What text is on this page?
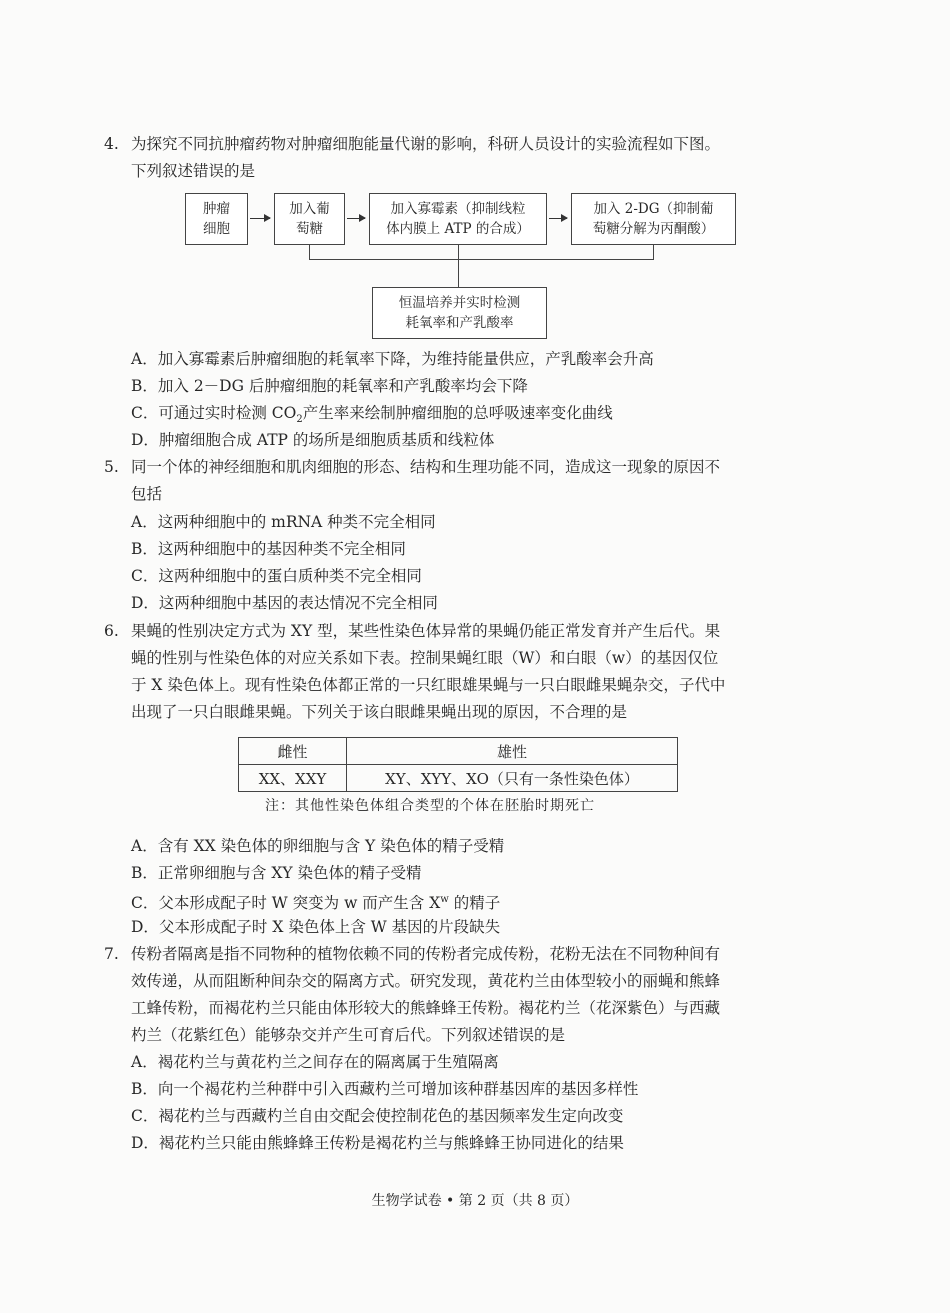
4. 为探究不同抗肿瘤药物对肿瘤细胞能量代谢的影响，科研人员设计的实验流程如下图。
下列叙述错误的是
肿瘤
细胞
加入葡
萄糖
加入寡霉素（抑制线粒
体内膜上 ATP 的合成）
加入 2-DG（抑制葡
萄糖分解为丙酮酸）
恒温培养并实时检测
耗氧率和产乳酸率
A．加入寡霉素后肿瘤细胞的耗氧率下降，为维持能量供应，产乳酸率会升高
B．加入 2－DG 后肿瘤细胞的耗氧率和产乳酸率均会下降
C．可通过实时检测 $CO_2$产生率来绘制肿瘤细胞的总呼吸速率变化曲线
D．肿瘤细胞合成 ATP 的场所是细胞质基质和线粒体
5. 同一个体的神经细胞和肌肉细胞的形态、结构和生理功能不同，造成这一现象的原因不
包括
A．这两种细胞中的 mRNA 种类不完全相同
B．这两种细胞中的基因种类不完全相同
C．这两种细胞中的蛋白质种类不完全相同
D．这两种细胞中基因的表达情况不完全相同
6. 果蝇的性别决定方式为 XY 型，某些性染色体异常的果蝇仍能正常发育并产生后代。果
蝇的性别与性染色体的对应关系如下表。控制果蝇红眼（W）和白眼（w）的基因仅位
于 X 染色体上。现有性染色体都正常的一只红眼雄果蝇与一只白眼雌果蝇杂交，子代中
出现了一只白眼雌果蝇。下列关于该白眼雌果蝇出现的原因，不合理的是
雌性	雄性
XX、XXY	XY、XYY、XO（只有一条性染色体）
注：其他性染色体组合类型的个体在胚胎时期死亡
A．含有 XX 染色体的卵细胞与含 Y 染色体的精子受精
B．正常卵细胞与含 XY 染色体的精子受精
C．父本形成配子时 W 突变为 w 而产生含 $X^w$ 的精子
D．父本形成配子时 X 染色体上含 W 基因的片段缺失
7. 传粉者隔离是指不同物种的植物依赖不同的传粉者完成传粉，花粉无法在不同物种间有
效传递，从而阻断种间杂交的隔离方式。研究发现，黄花杓兰由体型较小的丽蝇和熊蜂
工蜂传粉，而褐花杓兰只能由体形较大的熊蜂蜂王传粉。褐花杓兰（花深紫色）与西藏
杓兰（花紫红色）能够杂交并产生可育后代。下列叙述错误的是
A．褐花杓兰与黄花杓兰之间存在的隔离属于生殖隔离
B．向一个褐花杓兰种群中引入西藏杓兰可增加该种群基因库的基因多样性
C．褐花杓兰与西藏杓兰自由交配会使控制花色的基因频率发生定向改变
D．褐花杓兰只能由熊蜂蜂王传粉是褐花杓兰与熊蜂蜂王协同进化的结果
生物学试卷 • 第 2 页（共 8 页）
